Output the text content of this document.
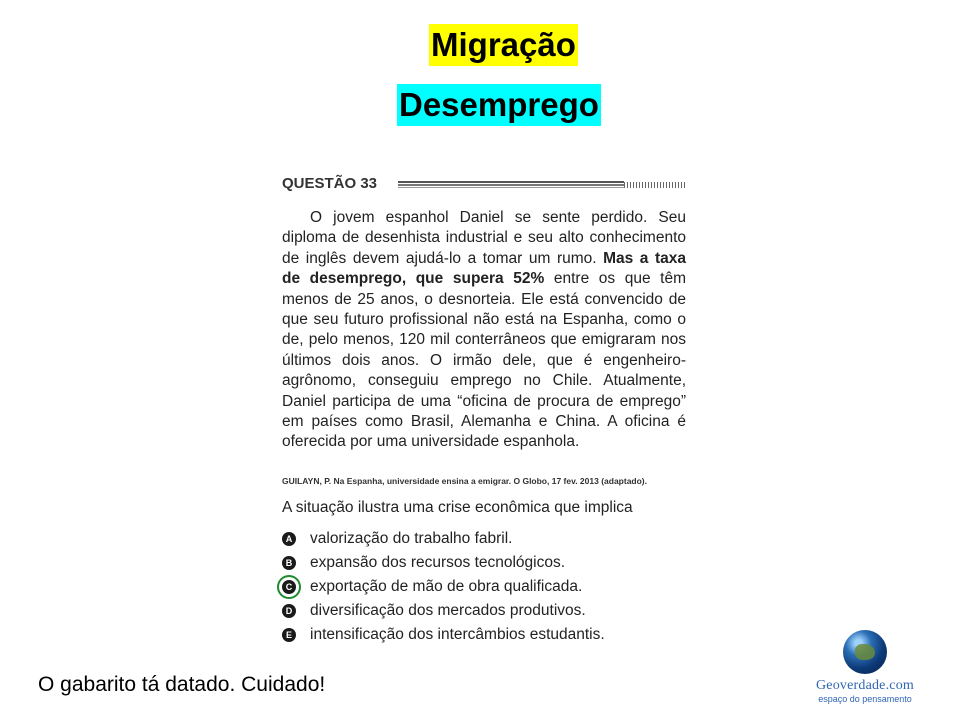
Migração
Desemprego
QUESTÃO 33
O jovem espanhol Daniel se sente perdido. Seu diploma de desenhista industrial e seu alto conhecimento de inglês devem ajudá-lo a tomar um rumo. Mas a taxa de desemprego, que supera 52% entre os que têm menos de 25 anos, o desnorteia. Ele está convencido de que seu futuro profissional não está na Espanha, como o de, pelo menos, 120 mil conterrâneos que emigraram nos últimos dois anos. O irmão dele, que é engenheiro-agrônomo, conseguiu emprego no Chile. Atualmente, Daniel participa de uma “oficina de procura de emprego” em países como Brasil, Alemanha e China. A oficina é oferecida por uma universidade espanhola.
GUILAYN, P. Na Espanha, universidade ensina a emigrar. O Globo, 17 fev. 2013 (adaptado).
A situação ilustra uma crise econômica que implica
A valorização do trabalho fabril.
B expansão dos recursos tecnológicos.
C exportação de mão de obra qualificada.
D diversificação dos mercados produtivos.
E intensificação dos intercâmbios estudantis.
O gabarito tá datado. Cuidado!	Geoverdade.com
espaço do pensamento
